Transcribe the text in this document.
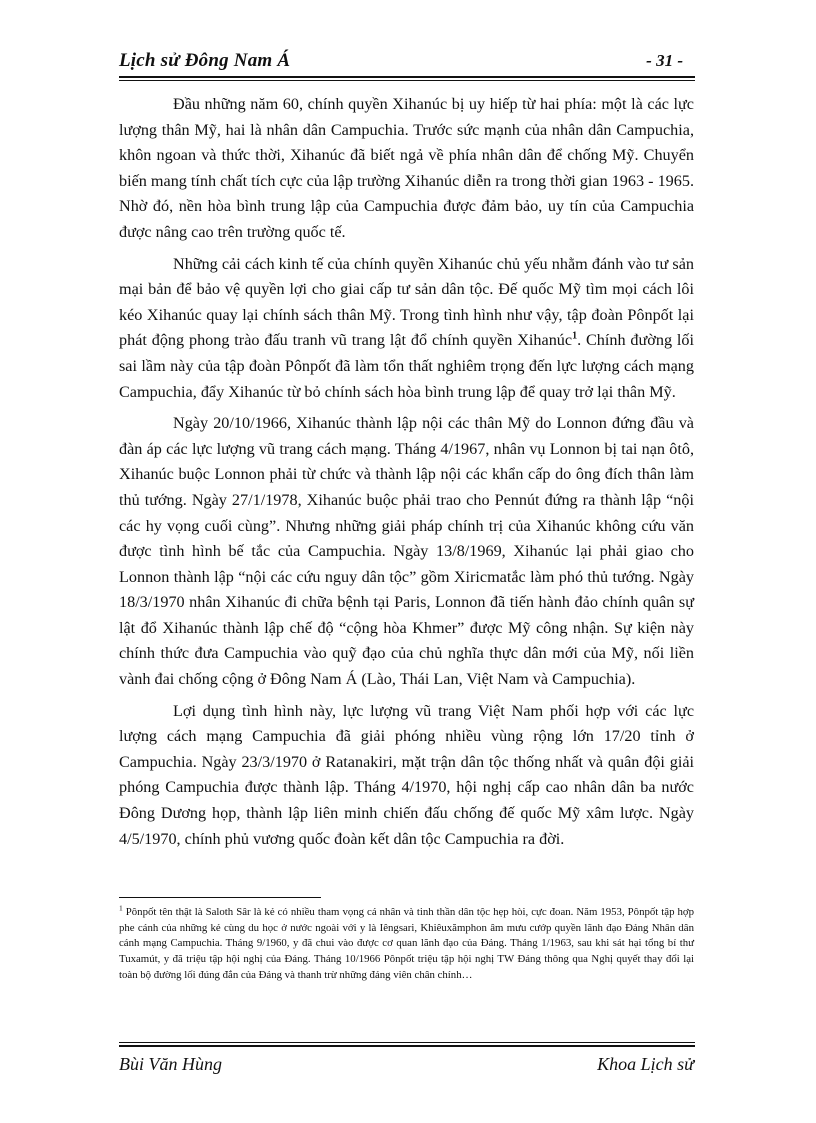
Lịch sử Đông Nam Á	- 31 -

Đầu những năm 60, chính quyền Xihanúc bị uy hiếp từ hai phía: một là các lực lượng thân Mỹ, hai là nhân dân Campuchia. Trước sức mạnh của nhân dân Campuchia, khôn ngoan và thức thời, Xihanúc đã biết ngả về phía nhân dân để chống Mỹ. Chuyển biến mang tính chất tích cực của lập trường Xihanúc diễn ra trong thời gian 1963 - 1965. Nhờ đó, nền hòa bình trung lập của Campuchia được đảm bảo, uy tín của Campuchia được nâng cao trên trường quốc tế.

Những cải cách kinh tế của chính quyền Xihanúc chủ yếu nhằm đánh vào tư sản mại bản để bảo vệ quyền lợi cho giai cấp tư sản dân tộc. Đế quốc Mỹ tìm mọi cách lôi kéo Xihanúc quay lại chính sách thân Mỹ. Trong tình hình như vậy, tập đoàn Pônpốt lại phát động phong trào đấu tranh vũ trang lật đổ chính quyền Xihanúc$^1$. Chính đường lối sai lầm này của tập đoàn Pônpốt đã làm tổn thất nghiêm trọng đến lực lượng cách mạng Campuchia, đẩy Xihanúc từ bỏ chính sách hòa bình trung lập để quay trở lại thân Mỹ.

Ngày 20/10/1966, Xihanúc thành lập nội các thân Mỹ do Lonnon đứng đầu và đàn áp các lực lượng vũ trang cách mạng. Tháng 4/1967, nhân vụ Lonnon bị tai nạn ôtô, Xihanúc buộc Lonnon phải từ chức và thành lập nội các khẩn cấp do ông đích thân làm thủ tướng. Ngày 27/1/1978, Xihanúc buộc phải trao cho Pennút đứng ra thành lập “nội các hy vọng cuối cùng”. Nhưng những giải pháp chính trị của Xihanúc không cứu văn được tình hình bế tắc của Campuchia. Ngày 13/8/1969, Xihanúc lại phải giao cho Lonnon thành lập “nội các cứu nguy dân tộc” gồm Xiricmatắc làm phó thủ tướng. Ngày 18/3/1970 nhân Xihanúc đi chữa bệnh tại Paris, Lonnon đã tiến hành đảo chính quân sự lật đổ Xihanúc thành lập chế độ “cộng hòa Khmer” được Mỹ công nhận. Sự kiện này chính thức đưa Campuchia vào quỹ đạo của chủ nghĩa thực dân mới của Mỹ, nối liền vành đai chống cộng ở Đông Nam Á (Lào, Thái Lan, Việt Nam và Campuchia).

Lợi dụng tình hình này, lực lượng vũ trang Việt Nam phối hợp với các lực lượng cách mạng Campuchia đã giải phóng nhiều vùng rộng lớn 17/20 tỉnh ở Campuchia. Ngày 23/3/1970 ở Ratanakiri, mặt trận dân tộc thống nhất và quân đội giải phóng Campuchia được thành lập. Tháng 4/1970, hội nghị cấp cao nhân dân ba nước Đông Dương họp, thành lập liên minh chiến đấu chống đế quốc Mỹ xâm lược. Ngày 4/5/1970, chính phủ vương quốc đoàn kết dân tộc Campuchia ra đời.

$^1$ Pônpốt tên thật là Saloth Sâr là kẻ có nhiều tham vọng cá nhân và tinh thần dân tộc hẹp hòi, cực đoan. Năm 1953, Pônpốt tập hợp phe cánh của những kẻ cùng du học ở nước ngoài với y là Iêngsari, Khiêuxămphon âm mưu cướp quyền lãnh đạo Đảng Nhân dân cánh mạng Campuchia. Tháng 9/1960, y đã chui vào được cơ quan lãnh đạo của Đảng. Tháng 1/1963, sau khi sát hại tổng bí thư Tuxamút, y đã triệu tập hội nghị của Đảng. Tháng 10/1966 Pônpốt triệu tập hội nghị TW Đảng thông qua Nghị quyết thay đổi lại toàn bộ đường lối đúng đắn của Đảng và thanh trừ những đảng viên chân chính…
Bùi Văn Hùng	Khoa Lịch sử
